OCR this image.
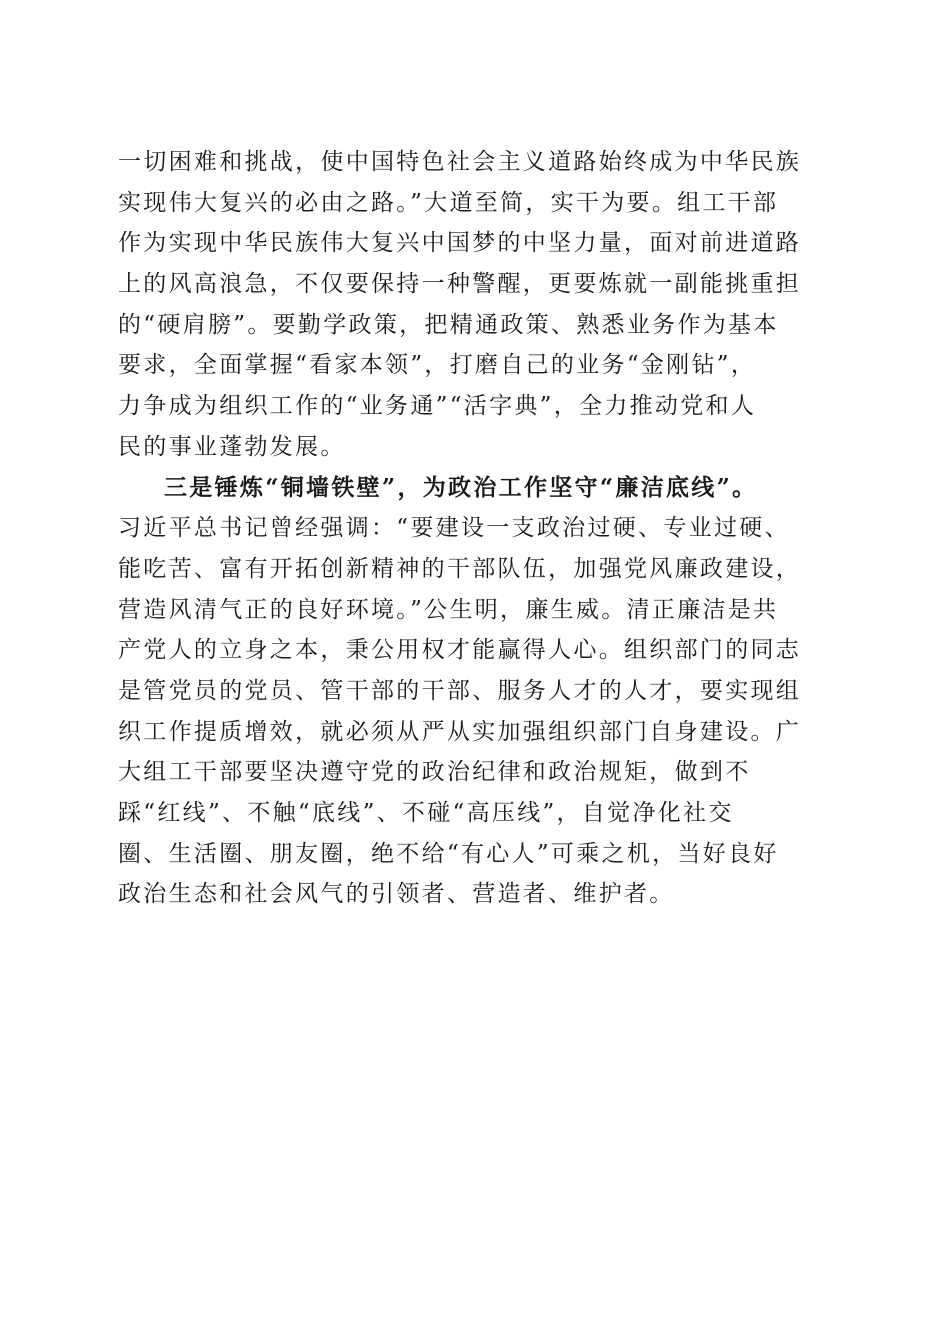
一切困难和挑战，使中国特色社会主义道路始终成为中华民族
实现伟大复兴的必由之路。”大道至简，实干为要。组工干部
作为实现中华民族伟大复兴中国梦的中坚力量，面对前进道路
上的风高浪急，不仅要保持一种警醒，更要炼就一副能挑重担
的“硬肩膀”。要勤学政策，把精通政策、熟悉业务作为基本
要求，全面掌握“看家本领”，打磨自己的业务“金刚钻”，
力争成为组织工作的“业务通”“活字典”，全力推动党和人
民的事业蓬勃发展。
三是锤炼“铜墙铁壁”，为政治工作坚守“廉洁底线”。
习近平总书记曾经强调：“要建设一支政治过硬、专业过硬、
能吃苦、富有开拓创新精神的干部队伍，加强党风廉政建设，
营造风清气正的良好环境。”公生明，廉生威。清正廉洁是共
产党人的立身之本，秉公用权才能赢得人心。组织部门的同志
是管党员的党员、管干部的干部、服务人才的人才，要实现组
织工作提质增效，就必须从严从实加强组织部门自身建设。广
大组工干部要坚决遵守党的政治纪律和政治规矩，做到不
踩“红线”、不触“底线”、不碰“高压线”，自觉净化社交
圈、生活圈、朋友圈，绝不给“有心人”可乘之机，当好良好
政治生态和社会风气的引领者、营造者、维护者。
